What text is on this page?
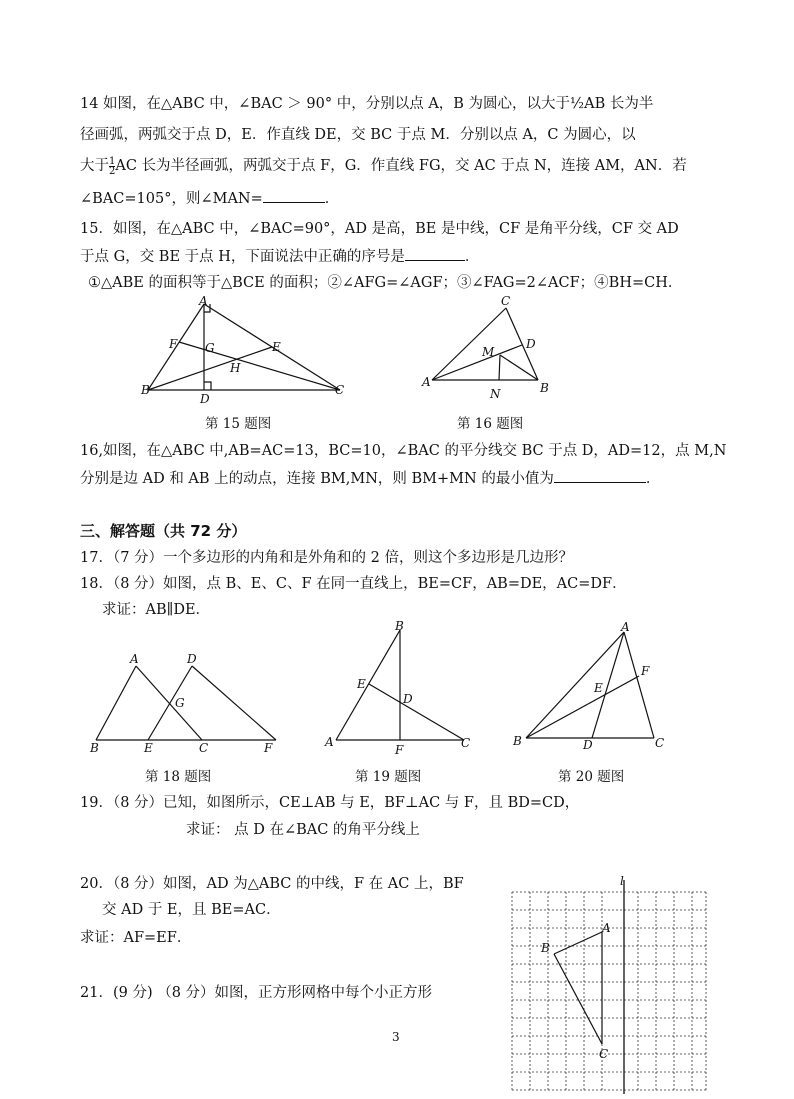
14 如图，在△ABC 中，∠BAC ＞ 90° 中，分别以点 A，B 为圆心，以大于½AB 长为半
径画弧，两弧交于点 D，E．作直线 DE，交 BC 于点 M．分别以点 A，C 为圆心，以
大于 $\frac{1}{2}$ AC 长为半径画弧，两弧交于点 F，G．作直线 FG，交 AC 于点 N，连接 AM，AN．若
∠BAC=105°，则∠MAN=	．
15．如图，在△ABC 中，∠BAC=90°，AD 是高，BE 是中线，CF 是角平分线，CF 交 AD
于点 G，交 BE 于点 H，下面说法中正确的序号是	．
①△ABE 的面积等于△BCE 的面积；②∠AFG=∠AGF；③∠FAG=2∠ACF；④BH=CH．
A
F G	E
H
B
D
C
第 15 题图
C
D
M
A
N	B
第 16 题图
16,如图，在△ABC 中,AB=AC=13，BC=10，∠BAC 的平分线交 BC 于点 D，AD=12，点 M,N
分别是边 AD 和 AB 上的动点，连接 BM,MN，则 BM+MN 的最小值为	．
三、解答题（共 72 分）
17．（7 分）一个多边形的内角和是外角和的 2 倍，则这个多边形是几边形？
18．（8 分）如图，点 B、E、C、F 在同一直线上，BE=CF，AB=DE，AC=DF．
求证：AB∥DE．
A	D
G
B	E	C	F
第 18 题图
B
E
D
A
F	C
第 19 题图
A
F
E
B	D	C
第 20 题图
19．（8 分）已知，如图所示，CE⊥AB 与 E，BF⊥AC 与 F，且 BD=CD，
求证： 点 D 在∠BAC 的角平分线上
20．（8 分）如图，AD 为△ABC 的中线，F 在 AC 上，BF
交 AD 于 E，且 BE=AC．
求证：AF=EF．
21．(9 分) （8 分）如图，正方形网格中每个小正方形
l
A
B
C
3
